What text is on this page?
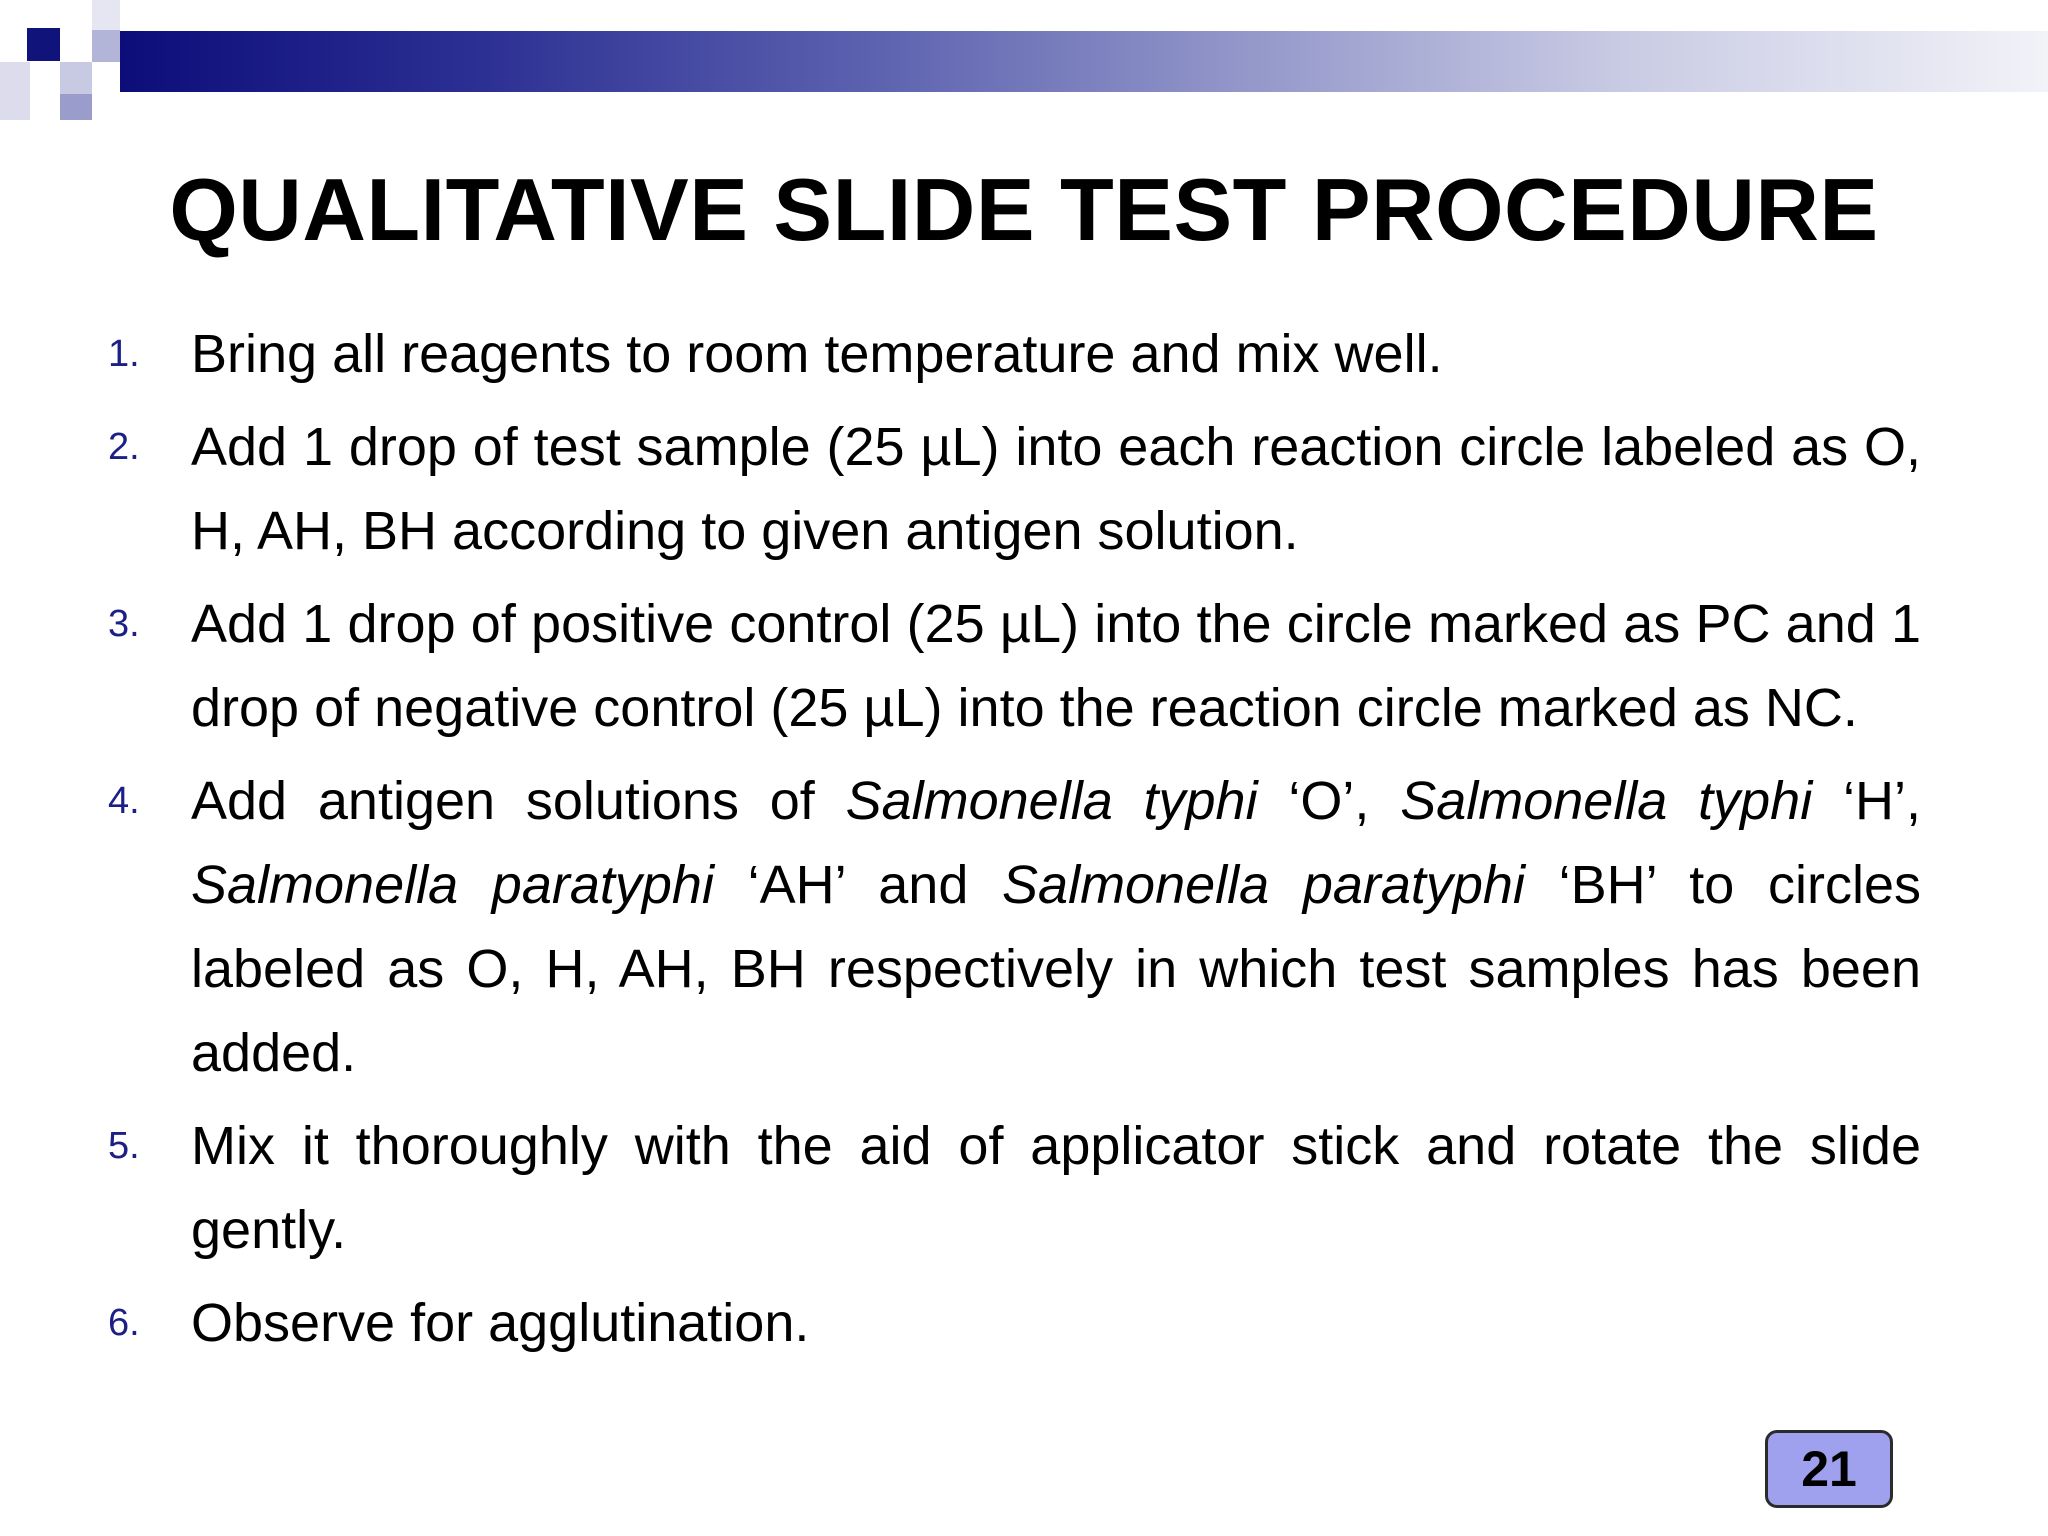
QUALITATIVE SLIDE TEST PROCEDURE
1. Bring all reagents to room temperature and mix well.
2. Add 1 drop of test sample (25 µL) into each reaction circle labeled as O, H, AH, BH according to given antigen solution.
3. Add 1 drop of positive control (25 µL) into the circle marked as PC and 1 drop of negative control (25 µL) into the reaction circle marked as NC.
4. Add antigen solutions of Salmonella typhi ‘O’, Salmonella typhi ‘H’, Salmonella paratyphi ‘AH’ and Salmonella paratyphi ‘BH’ to circles labeled as O, H, AH, BH respectively in which test samples has been added.
5. Mix it thoroughly with the aid of applicator stick and rotate the slide gently.
6. Observe for agglutination.
21
